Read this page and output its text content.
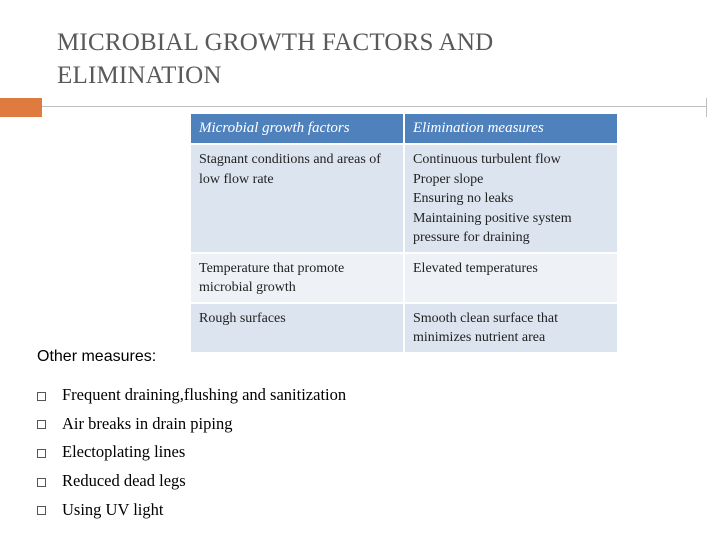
MICROBIAL GROWTH FACTORS AND
ELIMINATION
Microbial growth factors	Elimination measures
Stagnant conditions and areas of low flow rate	Continuous turbulent flow
Proper slope
Ensuring no leaks
Maintaining positive system pressure for draining

Temperature that promote microbial growth	Elevated temperatures

Rough surfaces	Smooth clean surface that minimizes nutrient area
Other measures:
Frequent draining,flushing and sanitization
Air breaks in drain piping
Electoplating lines
Reduced dead legs
Using UV light
